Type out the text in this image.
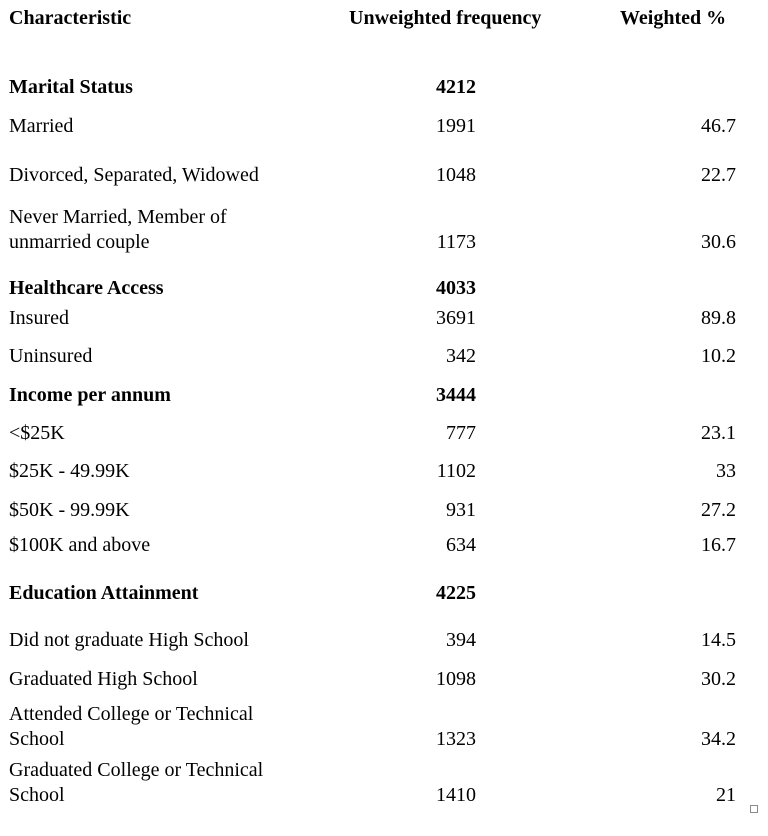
Characteristic	Unweighted frequency	Weighted %
Marital Status	4212
Married	1991	46.7
Divorced, Separated, Widowed	1048	22.7
Never Married, Member of unmarried couple	1173	30.6
Healthcare Access	4033
Insured	3691	89.8
Uninsured	342	10.2
Income per annum	3444
<$25K	777	23.1
$25K - 49.99K	1102	33
$50K - 99.99K	931	27.2
$100K and above	634	16.7
Education Attainment	4225
Did not graduate High School	394	14.5
Graduated High School	1098	30.2
Attended College or Technical School	1323	34.2
Graduated College or Technical School	1410	21
